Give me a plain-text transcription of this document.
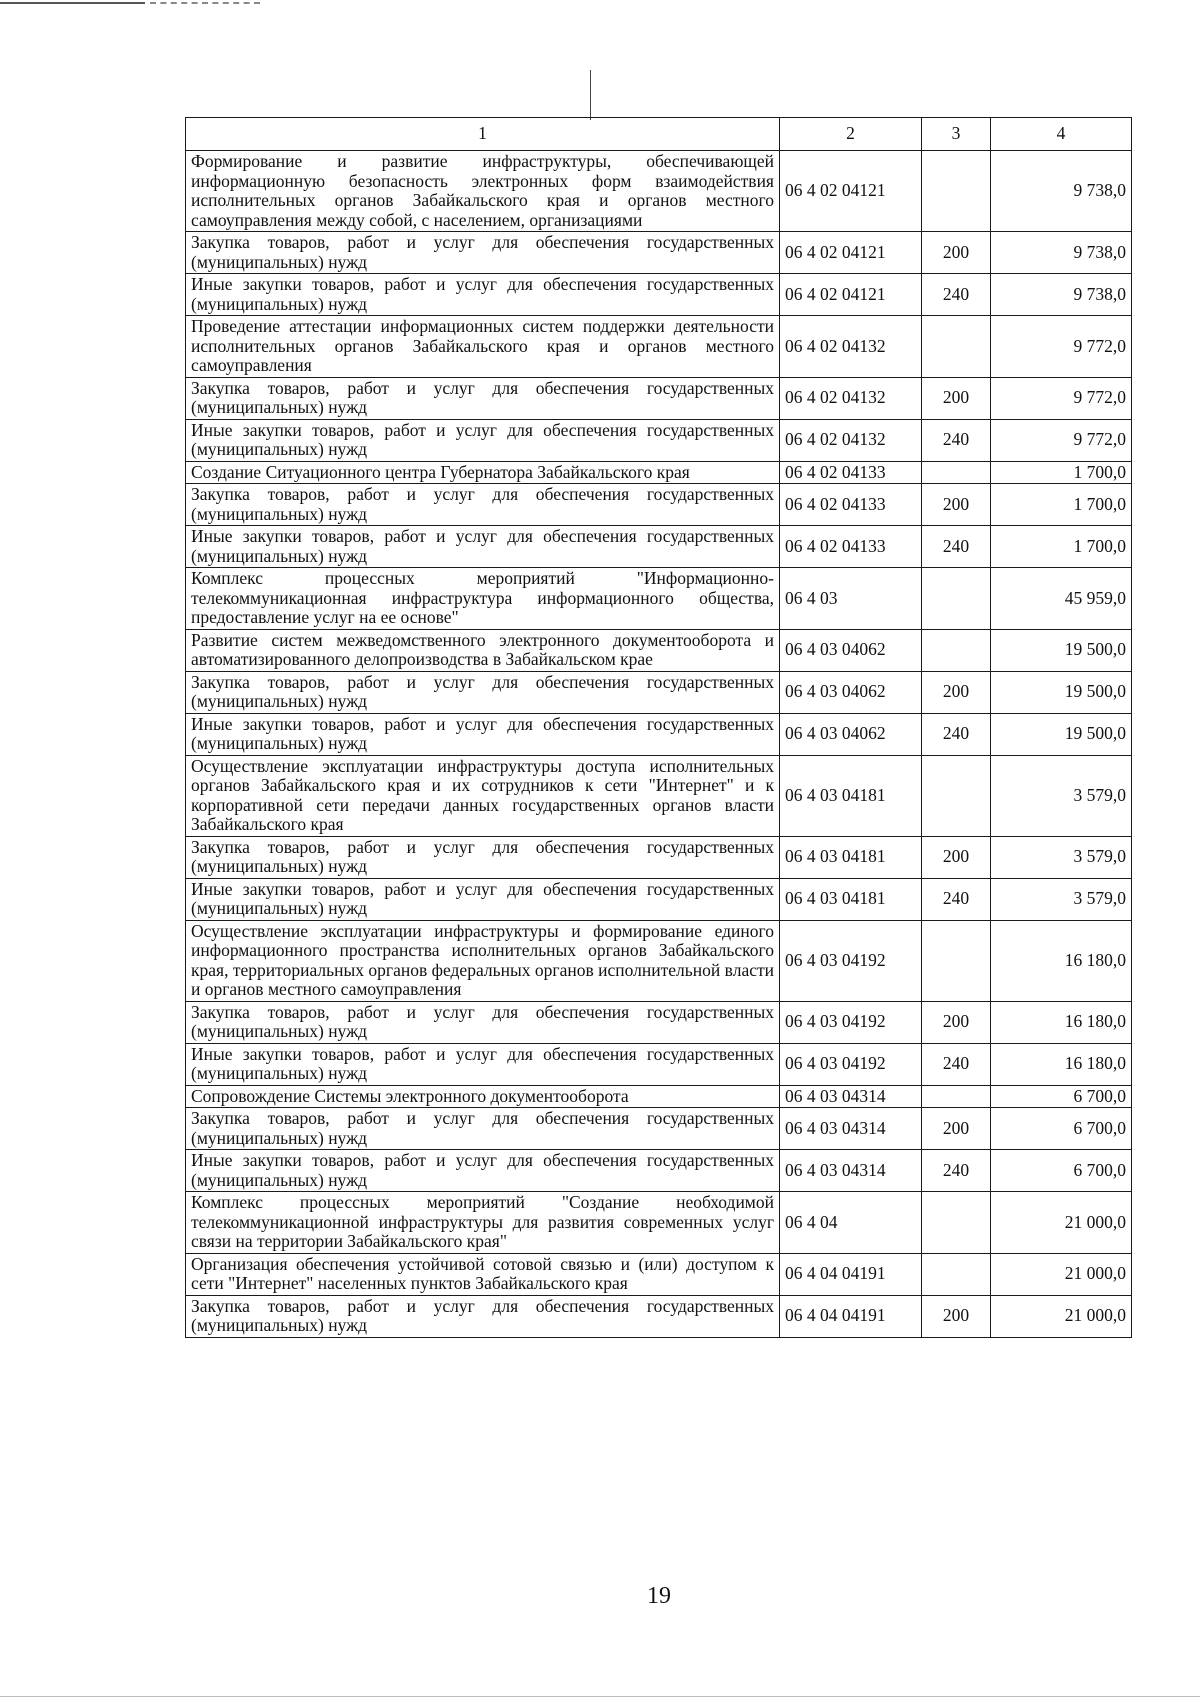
1	2	3	4
Формирование и развитие инфраструктуры, обеспечивающей информационную безопасность электронных форм взаимодействия исполнительных органов Забайкальского края и органов местного самоуправления между собой, с населением, организациями	06 4 02 04121		9 738,0
Закупка товаров, работ и услуг для обеспечения государственных (муниципальных) нужд	06 4 02 04121	200	9 738,0
Иные закупки товаров, работ и услуг для обеспечения государственных (муниципальных) нужд	06 4 02 04121	240	9 738,0
Проведение аттестации информационных систем поддержки деятельности исполнительных органов Забайкальского края и органов местного самоуправления	06 4 02 04132		9 772,0
Закупка товаров, работ и услуг для обеспечения государственных (муниципальных) нужд	06 4 02 04132	200	9 772,0
Иные закупки товаров, работ и услуг для обеспечения государственных (муниципальных) нужд	06 4 02 04132	240	9 772,0
Создание Ситуационного центра Губернатора Забайкальского края	06 4 02 04133		1 700,0
Закупка товаров, работ и услуг для обеспечения государственных (муниципальных) нужд	06 4 02 04133	200	1 700,0
Иные закупки товаров, работ и услуг для обеспечения государственных (муниципальных) нужд	06 4 02 04133	240	1 700,0
Комплекс процессных мероприятий "Информационно-телекоммуникационная инфраструктура информационного общества, предоставление услуг на ее основе"	06 4 03		45 959,0
Развитие систем межведомственного электронного документооборота и автоматизированного делопроизводства в Забайкальском крае	06 4 03 04062		19 500,0
Закупка товаров, работ и услуг для обеспечения государственных (муниципальных) нужд	06 4 03 04062	200	19 500,0
Иные закупки товаров, работ и услуг для обеспечения государственных (муниципальных) нужд	06 4 03 04062	240	19 500,0
Осуществление эксплуатации инфраструктуры доступа исполнительных органов Забайкальского края и их сотрудников к сети "Интернет" и к корпоративной сети передачи данных государственных органов власти Забайкальского края	06 4 03 04181		3 579,0
Закупка товаров, работ и услуг для обеспечения государственных (муниципальных) нужд	06 4 03 04181	200	3 579,0
Иные закупки товаров, работ и услуг для обеспечения государственных (муниципальных) нужд	06 4 03 04181	240	3 579,0
Осуществление эксплуатации инфраструктуры и формирование единого информационного пространства исполнительных органов Забайкальского края, территориальных органов федеральных органов исполнительной власти и органов местного самоуправления	06 4 03 04192		16 180,0
Закупка товаров, работ и услуг для обеспечения государственных (муниципальных) нужд	06 4 03 04192	200	16 180,0
Иные закупки товаров, работ и услуг для обеспечения государственных (муниципальных) нужд	06 4 03 04192	240	16 180,0
Сопровождение Системы электронного документооборота	06 4 03 04314		6 700,0
Закупка товаров, работ и услуг для обеспечения государственных (муниципальных) нужд	06 4 03 04314	200	6 700,0
Иные закупки товаров, работ и услуг для обеспечения государственных (муниципальных) нужд	06 4 03 04314	240	6 700,0
Комплекс процессных мероприятий "Создание необходимой телекоммуникационной инфраструктуры для развития современных услуг связи на территории Забайкальского края"	06 4 04		21 000,0
Организация обеспечения устойчивой сотовой связью и (или) доступом к сети "Интернет" населенных пунктов Забайкальского края	06 4 04 04191		21 000,0
Закупка товаров, работ и услуг для обеспечения государственных (муниципальных) нужд	06 4 04 04191	200	21 000,0
19
